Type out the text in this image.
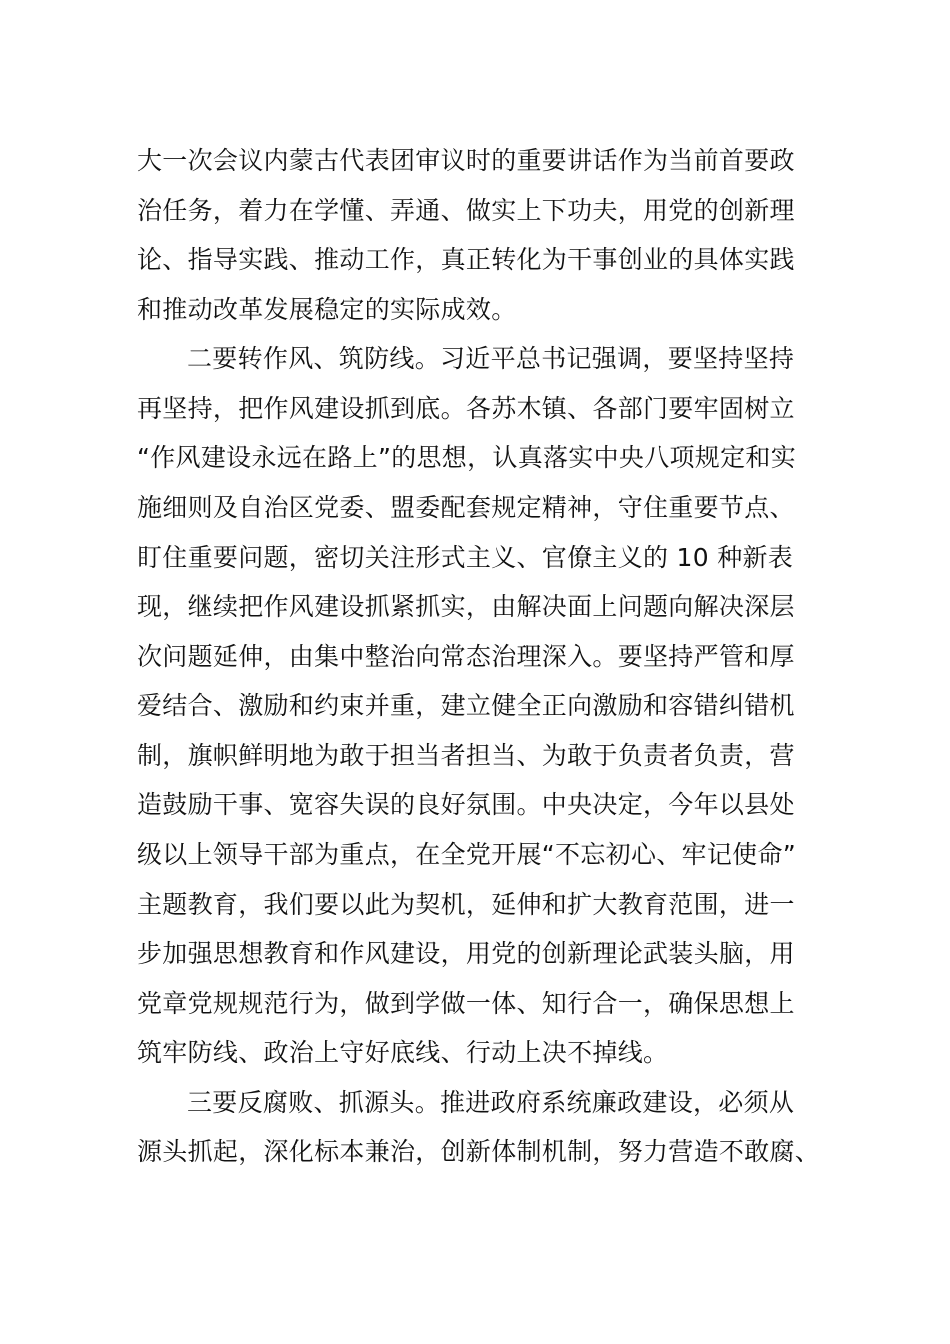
大一次会议内蒙古代表团审议时的重要讲话作为当前首要政
治任务，着力在学懂、弄通、做实上下功夫，用党的创新理
论、指导实践、推动工作，真正转化为干事创业的具体实践
和推动改革发展稳定的实际成效。
二要转作风、筑防线。习近平总书记强调，要坚持坚持
再坚持，把作风建设抓到底。各苏木镇、各部门要牢固树立
“作风建设永远在路上”的思想，认真落实中央八项规定和实
施细则及自治区党委、盟委配套规定精神，守住重要节点、
盯住重要问题，密切关注形式主义、官僚主义的 10 种新表
现，继续把作风建设抓紧抓实，由解决面上问题向解决深层
次问题延伸，由集中整治向常态治理深入。要坚持严管和厚
爱结合、激励和约束并重，建立健全正向激励和容错纠错机
制，旗帜鲜明地为敢于担当者担当、为敢于负责者负责，营
造鼓励干事、宽容失误的良好氛围。中央决定，今年以县处
级以上领导干部为重点，在全党开展“不忘初心、牢记使命”
主题教育，我们要以此为契机，延伸和扩大教育范围，进一
步加强思想教育和作风建设，用党的创新理论武装头脑，用
党章党规规范行为，做到学做一体、知行合一，确保思想上
筑牢防线、政治上守好底线、行动上决不掉线。
三要反腐败、抓源头。推进政府系统廉政建设，必须从
源头抓起，深化标本兼治，创新体制机制，努力营造不敢腐、
